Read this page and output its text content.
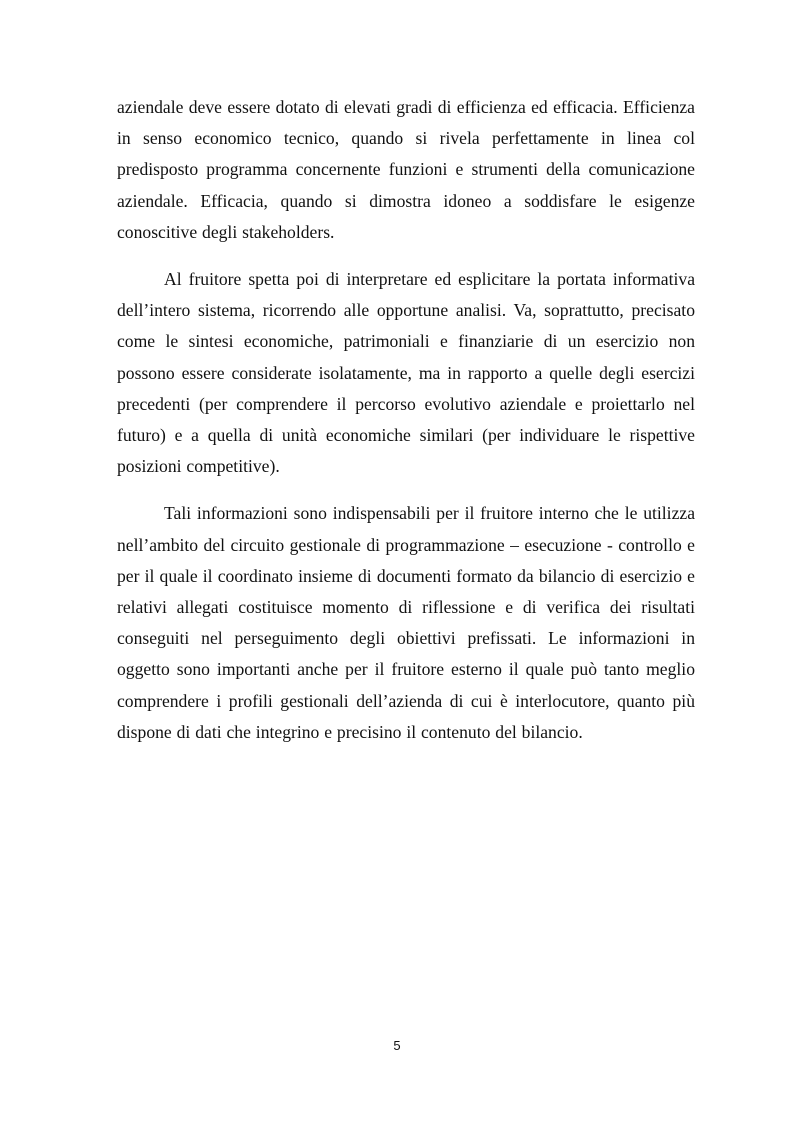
aziendale deve essere dotato di elevati gradi di efficienza ed efficacia. Efficienza in senso economico tecnico, quando si rivela perfettamente in linea col predisposto programma concernente funzioni e strumenti della comunicazione aziendale. Efficacia, quando si dimostra idoneo a soddisfare le esigenze conoscitive degli stakeholders.

Al fruitore spetta poi di interpretare ed esplicitare la portata informativa dell’intero sistema, ricorrendo alle opportune analisi. Va, soprattutto, precisato come le sintesi economiche, patrimoniali e finanziarie di un esercizio non possono essere considerate isolatamente, ma in rapporto a quelle degli esercizi precedenti (per comprendere il percorso evolutivo aziendale e proiettarlo nel futuro) e a quella di unità economiche similari (per individuare le rispettive posizioni competitive).

Tali informazioni sono indispensabili per il fruitore interno che le utilizza nell’ambito del circuito gestionale di programmazione – esecuzione - controllo e per il quale il coordinato insieme di documenti formato da bilancio di esercizio e relativi allegati costituisce momento di riflessione e di verifica dei risultati conseguiti nel perseguimento degli obiettivi prefissati. Le informazioni in oggetto sono importanti anche per il fruitore esterno il quale può tanto meglio comprendere i profili gestionali dell’azienda di cui è interlocutore, quanto più dispone di dati che integrino e precisino il contenuto del bilancio.

5
